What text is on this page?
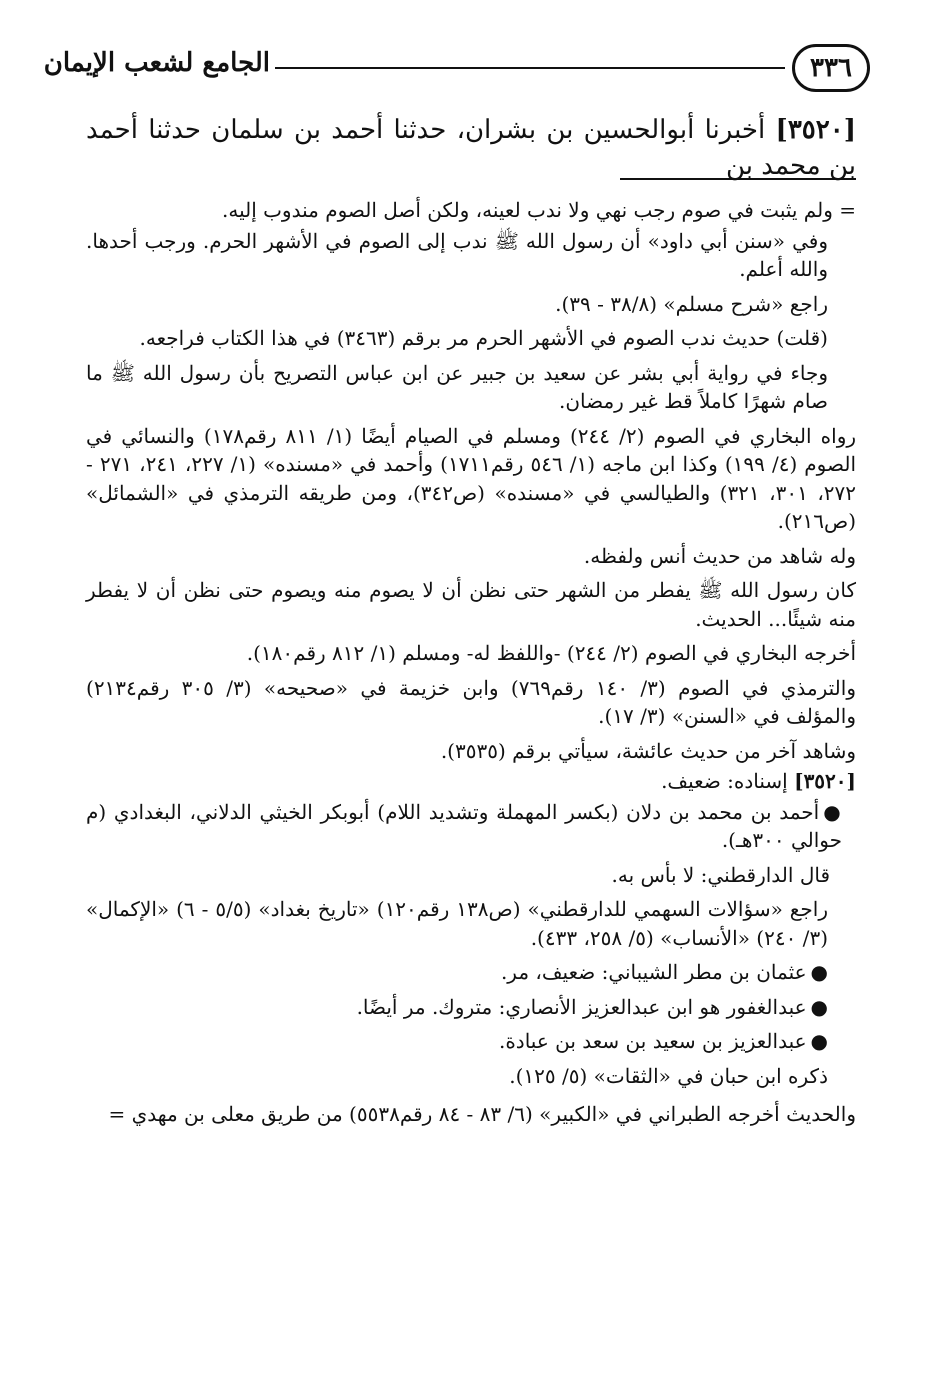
٣٣٦
الجامع لشعب الإيمان
[٣٥٢٠] أخبرنا أبوالحسين بن بشران، حدثنا أحمد بن سلمان حدثنا أحمد بن محمد بن

= ولم يثبت في صوم رجب نهي ولا ندب لعينه، ولكن أصل الصوم مندوب إليه.

وفي «سنن أبي داود» أن رسول الله ﷺ ندب إلى الصوم في الأشهر الحرم. ورجب أحدها. والله أعلم.

راجع «شرح مسلم» (٣٨/٨ - ٣٩).

(قلت) حديث ندب الصوم في الأشهر الحرم مر برقم (٣٤٦٣) في هذا الكتاب فراجعه.

وجاء في رواية أبي بشر عن سعيد بن جبير عن ابن عباس التصريح بأن رسول الله ﷺ ما صام شهرًا كاملاً قط غير رمضان.

رواه البخاري في الصوم (٢/ ٢٤٤) ومسلم في الصيام أيضًا (١/ ٨١١ رقم١٧٨) والنسائي في الصوم (٤/ ١٩٩) وكذا ابن ماجه (١/ ٥٤٦ رقم١٧١١) وأحمد في «مسنده» (١/ ٢٢٧، ٢٤١، ٢٧١ - ٢٧٢، ٣٠١، ٣٢١) والطيالسي في «مسنده» (ص٣٤٢)، ومن طريقه الترمذي في «الشمائل» (ص٢١٦).

وله شاهد من حديث أنس ولفظه.

كان رسول الله ﷺ يفطر من الشهر حتى نظن أن لا يصوم منه ويصوم حتى نظن أن لا يفطر منه شيئًا... الحديث.

أخرجه البخاري في الصوم (٢/ ٢٤٤) -واللفظ له- ومسلم (١/ ٨١٢ رقم١٨٠).

والترمذي في الصوم (٣/ ١٤٠ رقم٧٦٩) وابن خزيمة في «صحيحه» (٣/ ٣٠٥ رقم٢١٣٤) والمؤلف في «السنن» (٣/ ١٧).

وشاهد آخر من حديث عائشة، سيأتي برقم (٣٥٣٥).

[٣٥٢٠] إسناده: ضعيف.

●أحمد بن محمد بن دلان (بكسر المهملة وتشديد اللام) أبوبكر الخيثي الدلاني، البغدادي (م حوالي ٣٠٠هـ).

قال الدارقطني: لا بأس به.

راجع «سؤالات السهمي للدارقطني» (ص١٣٨ رقم١٢٠) «تاريخ بغداد» (٥/٥ - ٦) «الإكمال» (٣/ ٢٤٠) «الأنساب» (٥/ ٢٥٨، ٤٣٣).

●عثمان بن مطر الشيباني: ضعيف، مر.

●عبدالغفور هو ابن عبدالعزيز الأنصاري: متروك. مر أيضًا.

●عبدالعزيز بن سعيد بن سعد بن عبادة.

ذكره ابن حبان في «الثقات» (٥/ ١٢٥).

والحديث أخرجه الطبراني في «الكبير» (٦/ ٨٣ - ٨٤ رقم٥٥٣٨) من طريق معلى بن مهدي =
